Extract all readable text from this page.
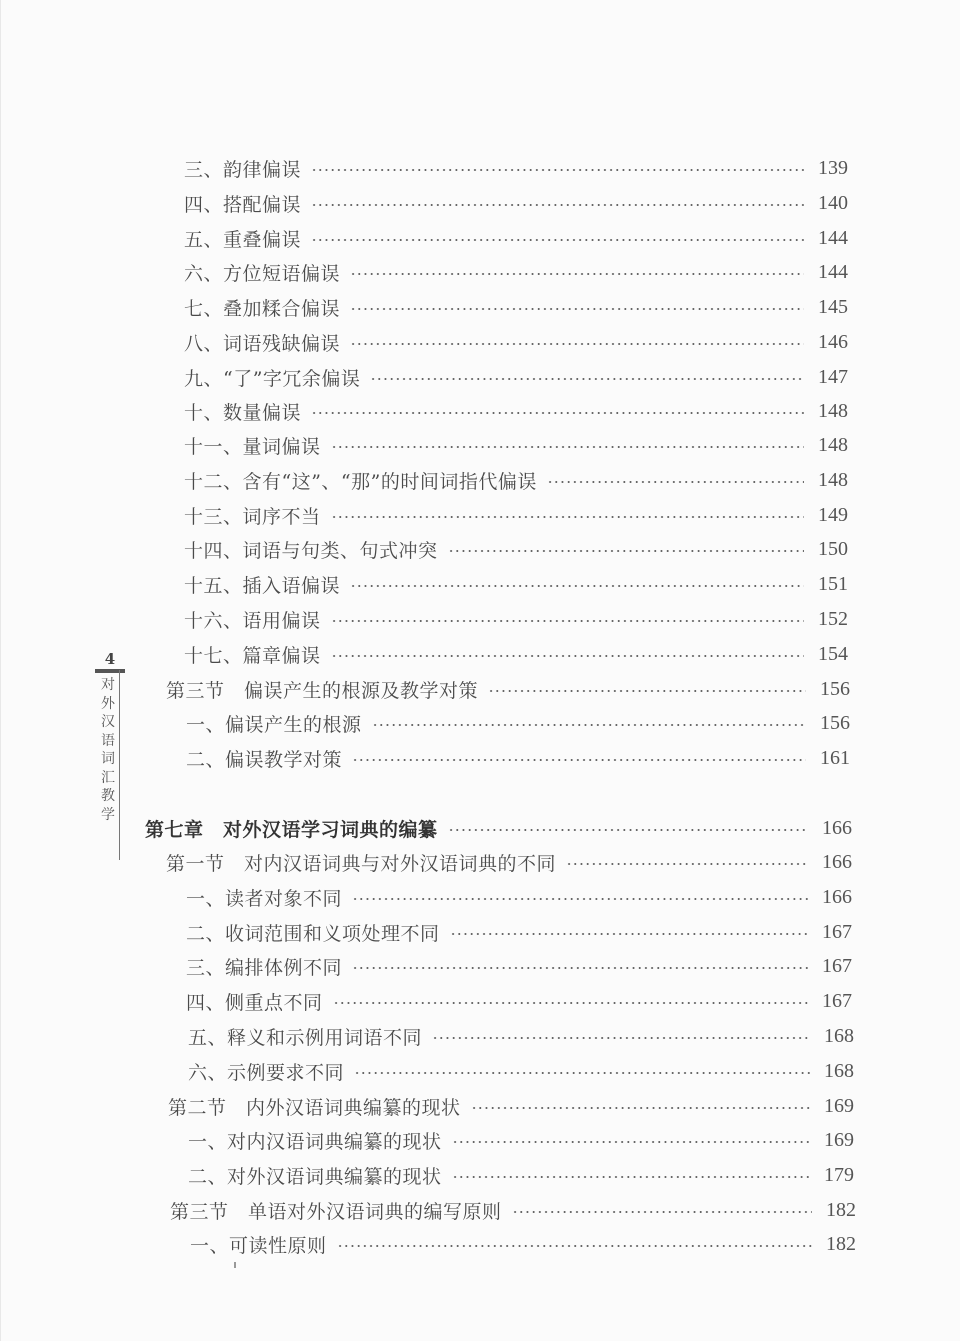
4
对外汉语词汇教学
三、韵律偏误	139
四、搭配偏误	140
五、重叠偏误	144
六、方位短语偏误	144
七、叠加糅合偏误	145
八、词语残缺偏误	146
九、“了”字冗余偏误	147
十、数量偏误	148
十一、量词偏误	148
十二、含有“这”、“那”的时间词指代偏误	148
十三、词序不当	149
十四、词语与句类、句式冲突	150
十五、插入语偏误	151
十六、语用偏误	152
十七、篇章偏误	154
第三节　偏误产生的根源及教学对策	156
一、偏误产生的根源	156
二、偏误教学对策	161
第七章　对外汉语学习词典的编纂	166
第一节　对内汉语词典与对外汉语词典的不同	166
一、读者对象不同	166
二、收词范围和义项处理不同	167
三、编排体例不同	167
四、侧重点不同	167
五、释义和示例用词语不同	168
六、示例要求不同	168
第二节　内外汉语词典编纂的现状	169
一、对内汉语词典编纂的现状	169
二、对外汉语词典编纂的现状	179
第三节　单语对外汉语词典的编写原则	182
一、可读性原则	182
